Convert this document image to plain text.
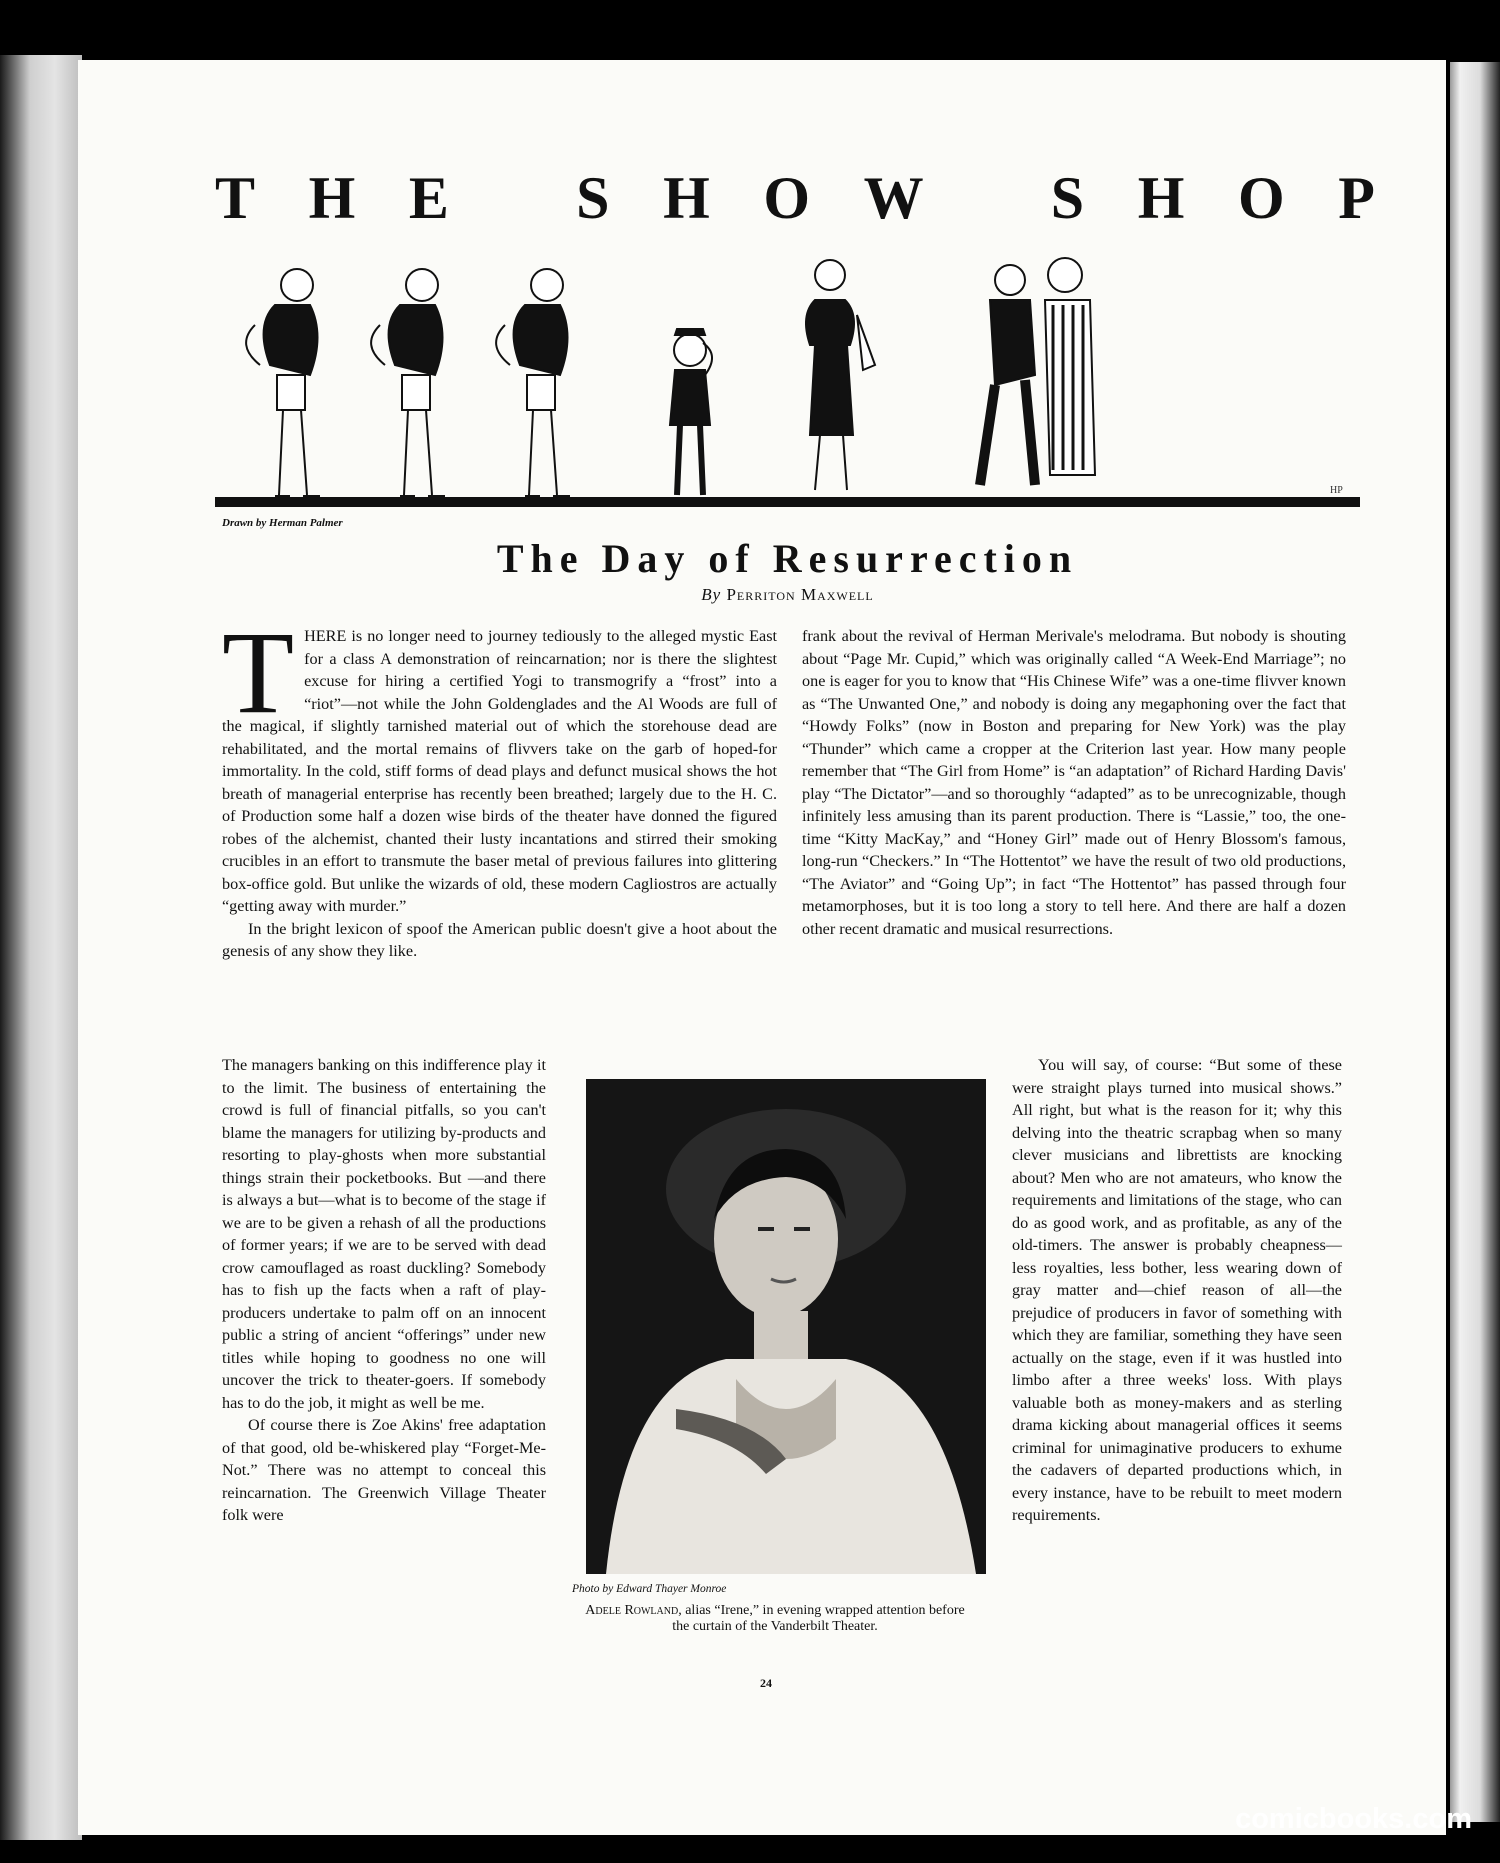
T H E S H O W S H O P
HP
Drawn by Herman Palmer
The Day of Resurrection
By Perriton Maxwell

THERE is no longer need to journey tediously to the alleged mystic East for a class A demonstration of reincarnation; nor is there the slightest excuse for hiring a certified Yogi to transmogrify a “frost” into a “riot”—not while the John Goldenglades and the Al Woods are full of the magical, if slightly tarnished material out of which the storehouse dead are rehabilitated, and the mortal remains of flivvers take on the garb of hoped-for immortality. In the cold, stiff forms of dead plays and defunct musical shows the hot breath of managerial enterprise has recently been breathed; largely due to the H. C. of Production some half a dozen wise birds of the theater have donned the figured robes of the alchemist, chanted their lusty incantations and stirred their smoking crucibles in an effort to transmute the baser metal of previous failures into glittering box-office gold. But unlike the wizards of old, these modern Cagliostros are actually “getting away with murder.”

In the bright lexicon of spoof the American public doesn't give a hoot about the genesis of any show they like.

The managers banking on this indifference play it to the limit. The business of entertaining the crowd is full of financial pitfalls, so you can't blame the managers for utilizing by-products and resorting to play-ghosts when more substantial things strain their pocketbooks. But —and there is always a but—what is to become of the stage if we are to be given a rehash of all the productions of former years; if we are to be served with dead crow camouflaged as roast duckling? Somebody has to fish up the facts when a raft of play-producers undertake to palm off on an innocent public a string of ancient “offerings” under new titles while hoping to goodness no one will uncover the trick to theater-goers. If somebody has to do the job, it might as well be me.

Of course there is Zoe Akins' free adaptation of that good, old be-whiskered play “Forget-Me-Not.” There was no attempt to conceal this reincarnation. The Greenwich Village Theater folk were

frank about the revival of Herman Merivale's melodrama. But nobody is shouting about “Page Mr. Cupid,” which was originally called “A Week-End Marriage”; no one is eager for you to know that “His Chinese Wife” was a one-time flivver known as “The Unwanted One,” and nobody is doing any megaphoning over the fact that “Howdy Folks” (now in Boston and preparing for New York) was the play “Thunder” which came a cropper at the Criterion last year. How many people remember that “The Girl from Home” is “an adaptation” of Richard Harding Davis' play “The Dictator”—and so thoroughly “adapted” as to be unrecognizable, though infinitely less amusing than its parent production. There is “Lassie,” too, the one-time “Kitty MacKay,” and “Honey Girl” made out of Henry Blossom's famous, long-run “Checkers.” In “The Hottentot” we have the result of two old productions, “The Aviator” and “Going Up”; in fact “The Hottentot” has passed through four metamorphoses, but it is too long a story to tell here. And there are half a dozen other recent dramatic and musical resurrections.

You will say, of course: “But some of these were straight plays turned into musical shows.” All right, but what is the reason for it; why this delving into the theatric scrapbag when so many clever musicians and librettists are knocking about? Men who are not amateurs, who know the requirements and limitations of the stage, who can do as good work, and as profitable, as any of the old-timers. The answer is probably cheapness—less royalties, less bother, less wearing down of gray matter and—chief reason of all—the prejudice of producers in favor of something with which they are familiar, something they have seen actually on the stage, even if it was hustled into limbo after a three weeks' loss. With plays valuable both as money-makers and as sterling drama kicking about managerial offices it seems criminal for unimaginative producers to exhume the cadavers of departed productions which, in every instance, have to be rebuilt to meet modern requirements.

Photo by Edward Thayer Monroe
Adele Rowland, alias “Irene,” in evening wrapped attention before the curtain of the Vanderbilt Theater.
24
comicbooks.com
